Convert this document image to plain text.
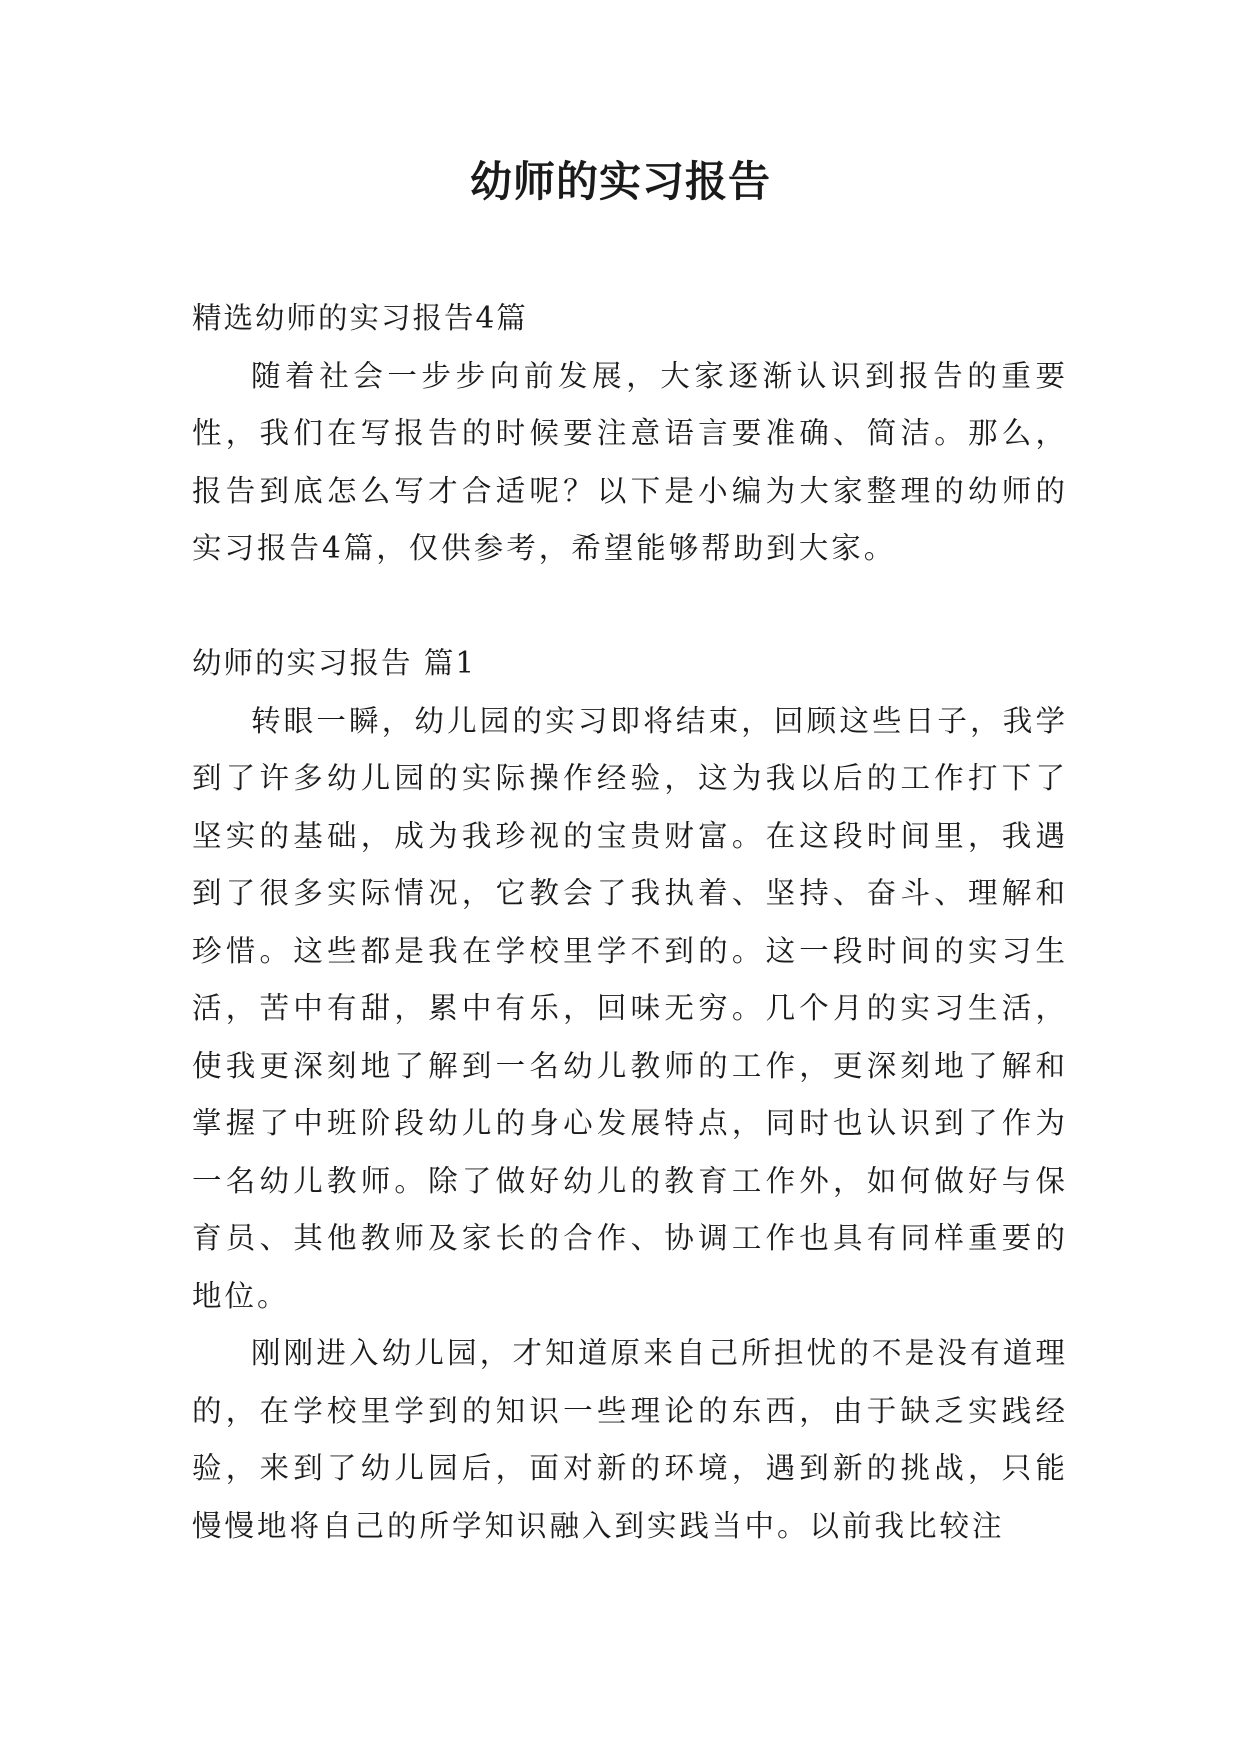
幼师的实习报告

精选幼师的实习报告4篇

随着社会一步步向前发展，大家逐渐认识到报告的重要性，我们在写报告的时候要注意语言要准确、简洁。那么，报告到底怎么写才合适呢？以下是小编为大家整理的幼师的实习报告4篇，仅供参考，希望能够帮助到大家。

幼师的实习报告 篇1

转眼一瞬，幼儿园的实习即将结束，回顾这些日子，我学到了许多幼儿园的实际操作经验，这为我以后的工作打下了坚实的基础，成为我珍视的宝贵财富。在这段时间里，我遇到了很多实际情况，它教会了我执着、坚持、奋斗、理解和珍惜。这些都是我在学校里学不到的。这一段时间的实习生活，苦中有甜，累中有乐，回味无穷。几个月的实习生活，使我更深刻地了解到一名幼儿教师的工作，更深刻地了解和掌握了中班阶段幼儿的身心发展特点，同时也认识到了作为一名幼儿教师。除了做好幼儿的教育工作外，如何做好与保育员、其他教师及家长的合作、协调工作也具有同样重要的地位。

刚刚进入幼儿园，才知道原来自己所担忧的不是没有道理的，在学校里学到的知识一些理论的东西，由于缺乏实践经验，来到了幼儿园后，面对新的环境，遇到新的挑战，只能慢慢地将自己的所学知识融入到实践当中。以前我比较注
